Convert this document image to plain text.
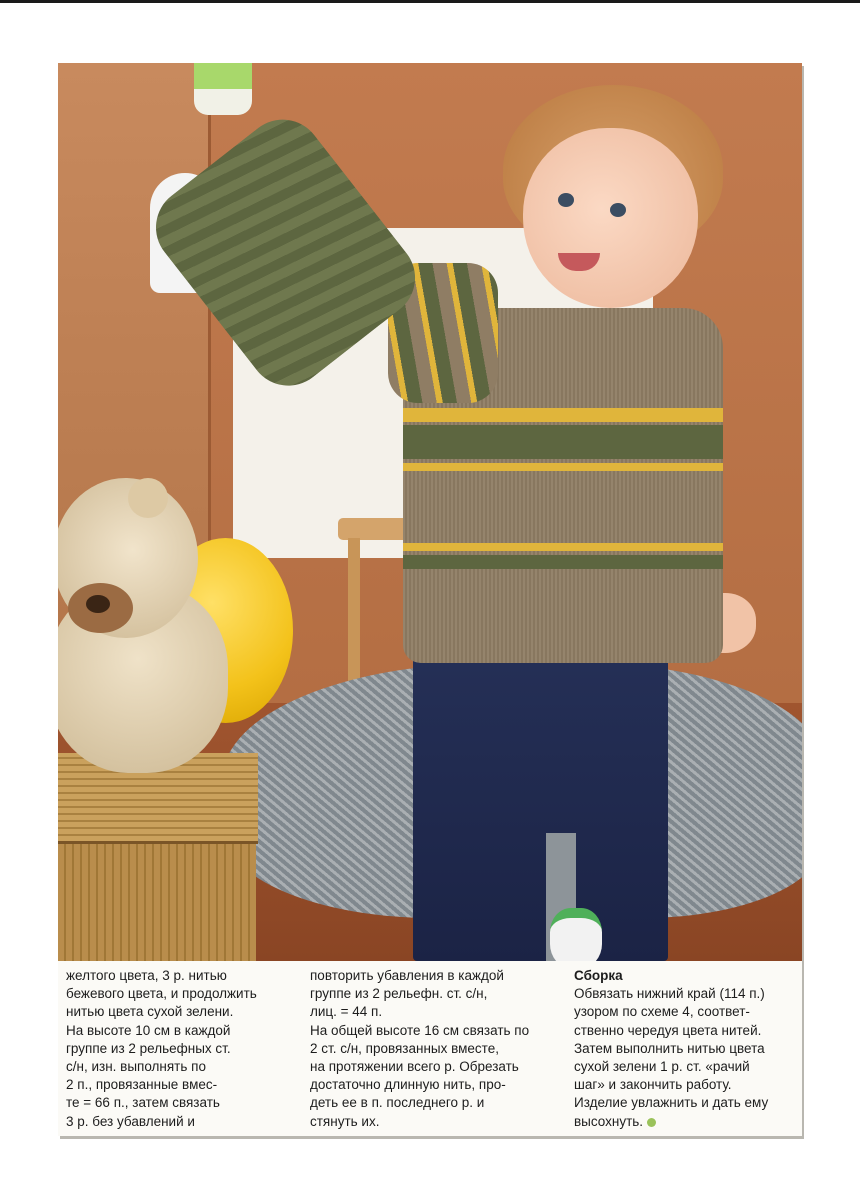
желтого цвета, 3 р. нитью

бежевого цвета, и продолжить

нитью цвета сухой зелени.

На высоте 10 см в каждой

группе из 2 рельефных ст.

с/н, изн. выполнять по

2 п., провязанные вмес-

те = 66 п., затем связать

3 р. без убавлений и

повторить убавления в каждой

группе из 2 рельефн. ст. с/н,

лиц. = 44 п.

На общей высоте 16 см связать по

2 ст. с/н, провязанных вместе,

на протяжении всего р. Обрезать

достаточно длинную нить, про-

деть ее в п. последнего р. и

стянуть их.

Сборка

Обвязать нижний край (114 п.)

узором по схеме 4, соответ-

ственно чередуя цвета нитей.

Затем выполнить нитью цвета

сухой зелени 1 р. ст. «рачий

шаг» и закончить работу.

Изделие увлажнить и дать ему

высохнуть.
